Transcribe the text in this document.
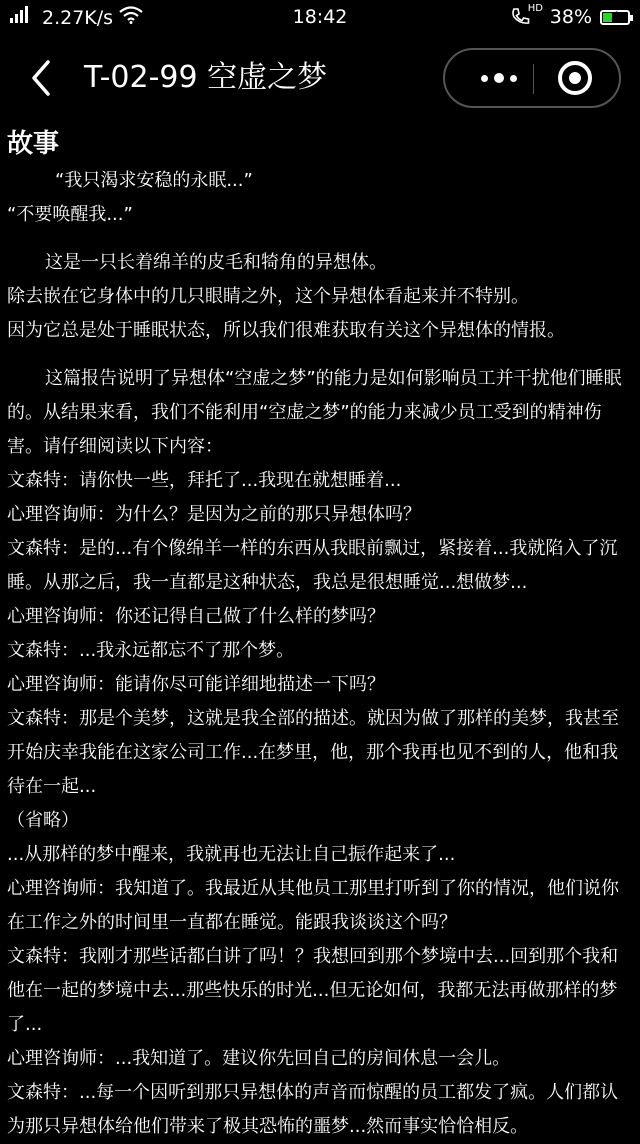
2.27K/s	18:42	HD 38% ⚡
T-02-99 空虚之梦
故事

“我只渴求安稳的永眠...”

“不要唤醒我...”

这是一只长着绵羊的皮毛和犄角的异想体。

除去嵌在它身体中的几只眼睛之外，这个异想体看起来并不特别。

因为它总是处于睡眠状态，所以我们很难获取有关这个异想体的情报。

这篇报告说明了异想体“空虚之梦”的能力是如何影响员工并干扰他们睡眠的。从结果来看，我们不能利用“空虚之梦”的能力来减少员工受到的精神伤害。请仔细阅读以下内容：

文森特：请你快一些，拜托了...我现在就想睡着...

心理咨询师：为什么？是因为之前的那只异想体吗？

文森特：是的...有个像绵羊一样的东西从我眼前飘过，紧接着...我就陷入了沉睡。从那之后，我一直都是这种状态，我总是很想睡觉...想做梦...

心理咨询师：你还记得自己做了什么样的梦吗？

文森特：...我永远都忘不了那个梦。

心理咨询师：能请你尽可能详细地描述一下吗？

文森特：那是个美梦，这就是我全部的描述。就因为做了那样的美梦，我甚至开始庆幸我能在这家公司工作...在梦里，他，那个我再也见不到的人，他和我待在一起...

（省略）

...从那样的梦中醒来，我就再也无法让自己振作起来了...

心理咨询师：我知道了。我最近从其他员工那里打听到了你的情况，他们说你在工作之外的时间里一直都在睡觉。能跟我谈谈这个吗？

文森特：我刚才那些话都白讲了吗！？我想回到那个梦境中去...回到那个我和他在一起的梦境中去...那些快乐的时光...但无论如何，我都无法再做那样的梦了...

心理咨询师：...我知道了。建议你先回自己的房间休息一会儿。

文森特：...每一个因听到那只异想体的声音而惊醒的员工都发了疯。人们都认为那只异想体给他们带来了极其恐怖的噩梦...然而事实恰恰相反。
